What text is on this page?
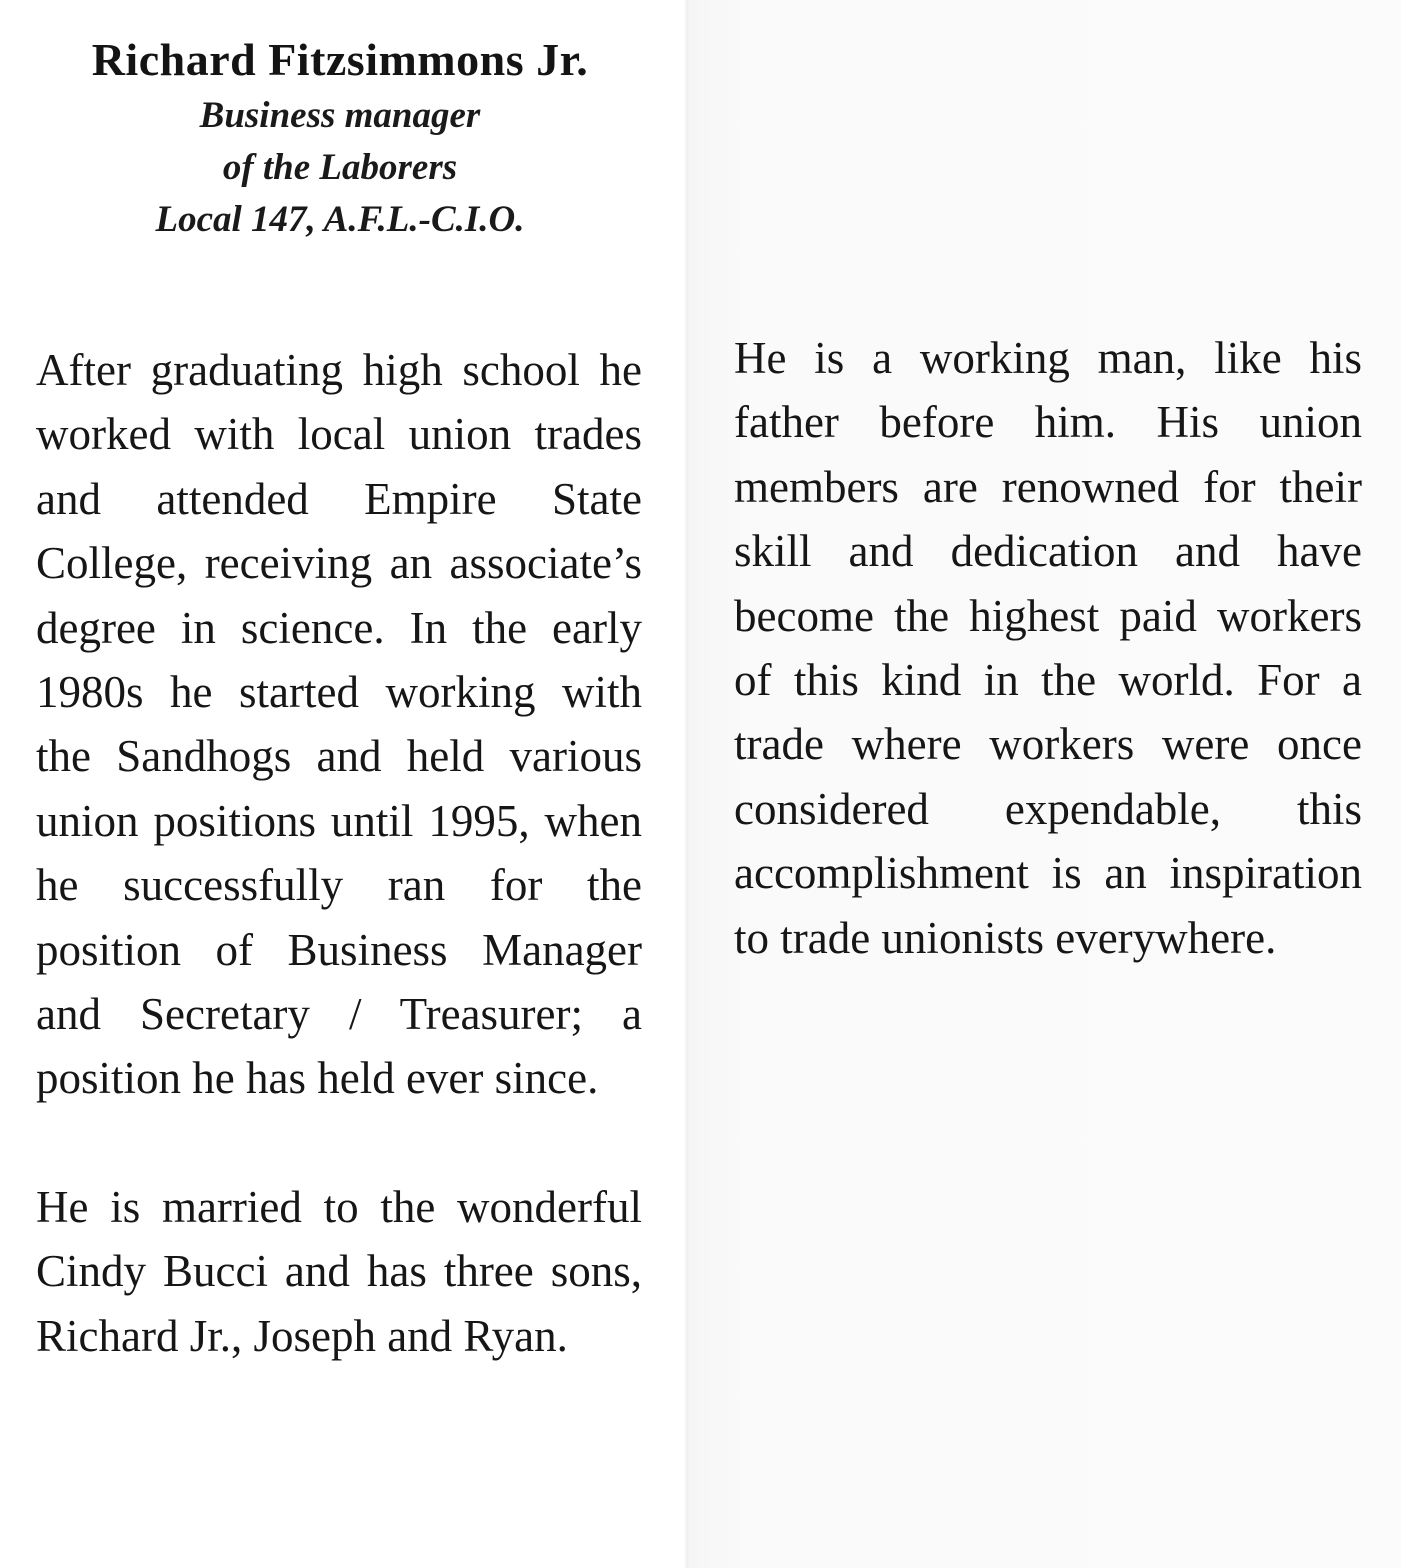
Richard Fitzsimmons Jr.

Business manager

of the Laborers

Local 147, A.F.L.-C.I.O.

After graduating high school he worked with local union trades and attended Empire State College, receiving an associate’s degree in science. In the early 1980s he started working with the Sandhogs and held various union positions until 1995, when he successfully ran for the position of Business Manager and Secretary / Treasurer; a position he has held ever since.

He is married to the wonderful Cindy Bucci and has three sons, Richard Jr., Joseph and Ryan.

He is a working man, like his father before him. His union members are renowned for their skill and dedication and have become the highest paid workers of this kind in the world. For a trade where workers were once considered expendable, this accomplishment is an inspiration to trade unionists everywhere.
